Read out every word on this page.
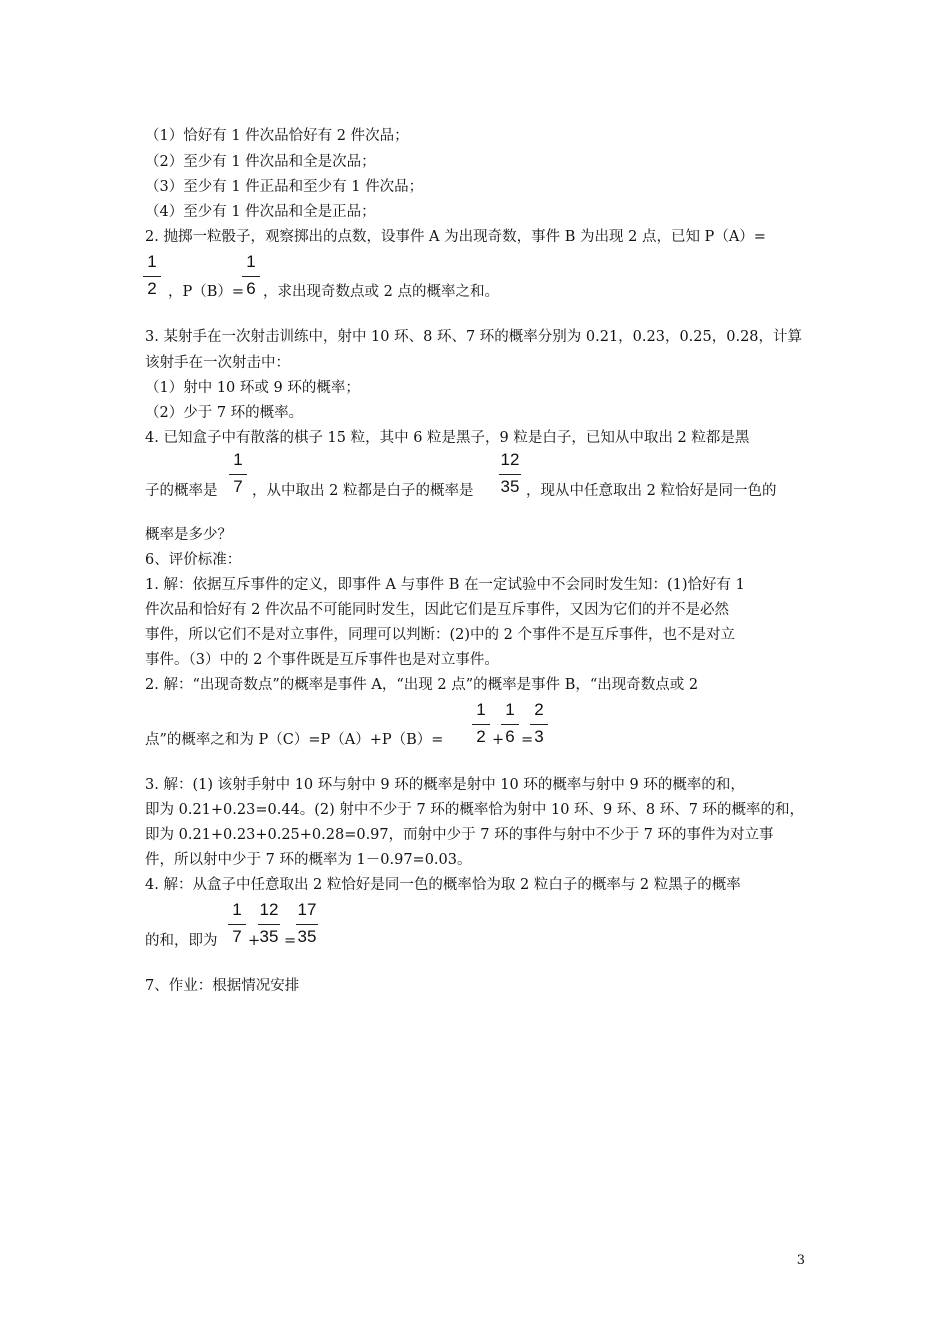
（1）恰好有 1 件次品恰好有 2 件次品；
（2）至少有 1 件次品和全是次品；
（3）至少有 1 件正品和至少有 1 件次品；
（4）至少有 1 件次品和全是正品；
2. 抛掷一粒骰子，观察掷出的点数，设事件 A 为出现奇数，事件 B 为出现 2 点，已知 P（A）=
1
2 ，P（B）=
1
6 ，求出现奇数点或 2 点的概率之和。
3. 某射手在一次射击训练中，射中 10 环、8 环、7 环的概率分别为 0.21，0.23，0.25，0.28，计算
该射手在一次射击中：
（1）射中 10 环或 9 环的概率；
（2）少于 7 环的概率。
4. 已知盒子中有散落的棋子 15 粒，其中 6 粒是黑子，9 粒是白子，已知从中取出 2 粒都是黑
子的概率是
1
7 ，从中取出 2 粒都是白子的概率是
12
35 ，现从中任意取出 2 粒恰好是同一色的
概率是多少？
6、评价标准：
1. 解：依据互斥事件的定义，即事件 A 与事件 B 在一定试验中不会同时发生知：(1)恰好有 1
件次品和恰好有 2 件次品不可能同时发生，因此它们是互斥事件，又因为它们的并不是必然
事件，所以它们不是对立事件，同理可以判断：(2)中的 2 个事件不是互斥事件，也不是对立
事件。（3）中的 2 个事件既是互斥事件也是对立事件。
2. 解：“出现奇数点”的概率是事件 A，“出现 2 点”的概率是事件 B，“出现奇数点或 2
点”的概率之和为 P（C）=P（A）+P（B）=
1
2 +
1
6 =
2
3
3. 解：(1) 该射手射中 10 环与射中 9 环的概率是射中 10 环的概率与射中 9 环的概率的和，
即为 0.21+0.23=0.44。(2) 射中不少于 7 环的概率恰为射中 10 环、9 环、8 环、7 环的概率的和，
即为 0.21+0.23+0.25+0.28=0.97，而射中少于 7 环的事件与射中不少于 7 环的事件为对立事
件，所以射中少于 7 环的概率为 1－0.97=0.03。
4. 解：从盒子中任意取出 2 粒恰好是同一色的概率恰为取 2 粒白子的概率与 2 粒黑子的概率
的和，即为
1
7 +
12
35 =
17
35
7、作业：根据情况安排
3
